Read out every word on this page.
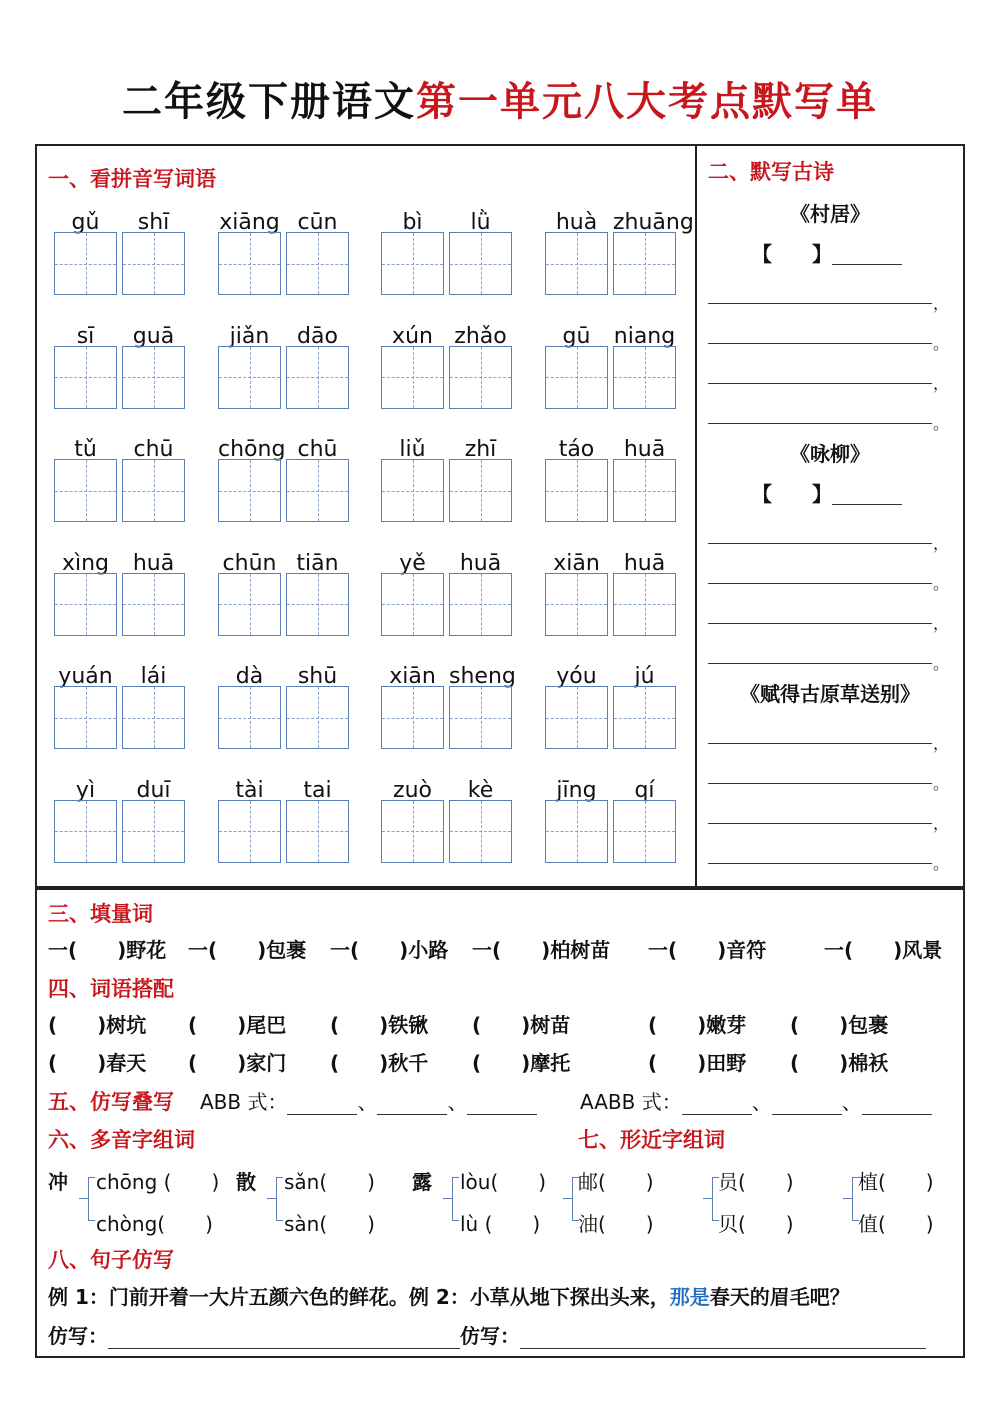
二年级下册语文第一单元八大考点默写单
一、看拼音写词语
gǔ	shī	xiāng cūn	bì	lǜ	huà zhuāng
sī	guā	jiǎn	dāo	xún zhǎo	gū	niang
tǔ	chū	chōng chū	liǔ	zhī	táo	huā
xìng	huā	chūn tiān	yě	huā	xiān	huā
yuán	lái	dà	shū	xiān sheng	yóu	jú
yì	duī	tài	tai	zuò	kè	jīng	qí
二、默写古诗
《村居》
【　　】
，
。
，
。
《咏柳》
【　　】
，
。
，
。
《赋得古原草送别》
，
。
，
。
三、填量词
一(　　)野花 一(　　)包裹 一(　　)小路 一(　　)柏树苗 一(　　)音符	一(　　)风景
四、词语搭配
(　　)树坑 (　　)尾巴 (　　)铁锹 (　　)树苗	(　　)嫩芽 (　　)包裹
(　　)春天 (　　)家门 (　　)秋千 (　　)摩托	(　　)田野 (　　)棉袄
五、仿写叠写 ABB 式：	、	、	AABB 式：	、	、
六、多音字组词	七、形近字组词
冲 chōng (　　)
chòng(　　)
散 sǎn(　　)
sàn(　　)
露 lòu(　　)
lù (　　)
邮(　　)
油(　　)
员(　　)
贝(　　)
植(　　)
值(　　)
八、句子仿写
例 1：门前开着一大片五颜六色的鲜花。例 2：小草从地下探出头来，那是春天的眉毛吧？
仿写：	仿写：
